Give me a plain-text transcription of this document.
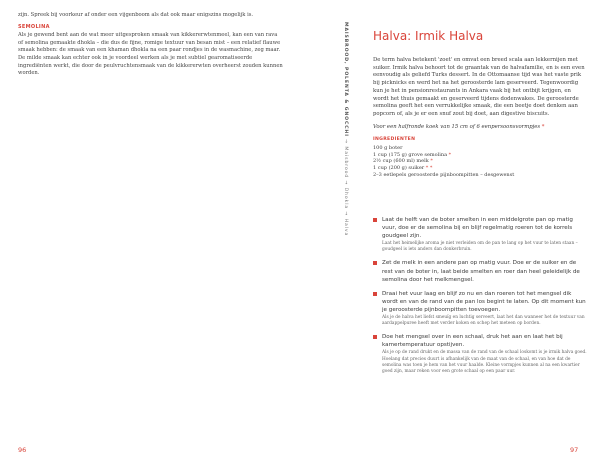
zijn. Spreek bij voorkeur af onder een vijgenboom als dat ook maar enigszins mogelijk is.

SEMOLINA

Als je gewend bent aan de wat meer uitgesproken smaak van kikkererwtenmeel, kan een van rava of semolina gemaakte dhokla – die dus de fijne, romige textuur van besan mist – een relatief flauwe smaak hebben: de smaak van een khaman dhokla na een paar rondjes in de wasmachine, zeg maar. De milde smaak kan echter ook in je voordeel werken als je met subtiel gearomatiseerde ingrediënten werkt, die door de peulvruchtensmaak van de kikkererwten overheerst zouden kunnen worden.

96
MAISBROOD, POLENTA & GNOCCHI → Maisbrood → Dhokla → Halva
Halva: Irmik Halva

De term halva betekent 'zoet' en omvat een breed scala aan lekkernijen met suiker. Irmik halva behoort tot de graantak van de halvafamilie, en is een even eenvoudig als geliefd Turks dessert. In de Ottomaanse tijd was het vaste prik bij picknicks en werd het na het geroosterde lam geserveerd. Tegenwoordig kun je het in pensionrestaurants in Ankara vaak bij het ontbijt krijgen, en wordt het thuis gemaakt en geserveerd tijdens dodenwakes. De geroosterde semolina geeft het een verrukkelijke smaak, die een beetje doet denken aan popcorn of, als je er een snuf zout bij doet, aan digestive biscuits.

Voor een halfronde koek van 15 cm of 6 eenpersoonsvormpjes *

INGREDIENTEN
100 g boter
1 cup (175 g) grove semolina *
2½ cup (600 ml) melk *
1 cup (200 g) suiker * *
2–3 eetlepels geroosterde pijnboompitten – desgewenst
Laat de helft van de boter smelten in een middelgrote pan op matig vuur, doe er de semolina bij en blijf regelmatig roeren tot de korrels goudgeel zijn.
Laat het heimelijke aroma je niet verleiden om de pan te lang op het vuur te laten staan – goudgeel is iets anders dan donkerbruin.
Zet de melk in een andere pan op matig vuur. Doe er de suiker en de rest van de boter in, laat beide smelten en roer dan heel geleidelijk de semolina door het melkmengsel.
Draai het vuur laag en blijf zo nu en dan roeren tot het mengsel dik wordt en van de rand van de pan los begint te laten. Op dit moment kun je geroosterde pijnboompitten toevoegen.
Als je de halva het liefst smeuïg en luchtig serveert, laat het dan wanneer het de textuur van aardappelpuree heeft met verder koken en schep het meteen op borden.
Doe het mengsel over in een schaal, druk het aan en laat het bij kamertemperatuur opstijven.
Als je op de rand drukt en de massa van de rand van de schaal loskomt is je irmik halva goed. Hoelang dat precies duurt is afhankelijk van de maat van de schaal, en van hoe dat de semolina was toen je hem van het vuur haalde. Kleine vormpjes kunnen al na een kwartier goed zijn, maar reken voor een grote schaal op een paar uur.
97
